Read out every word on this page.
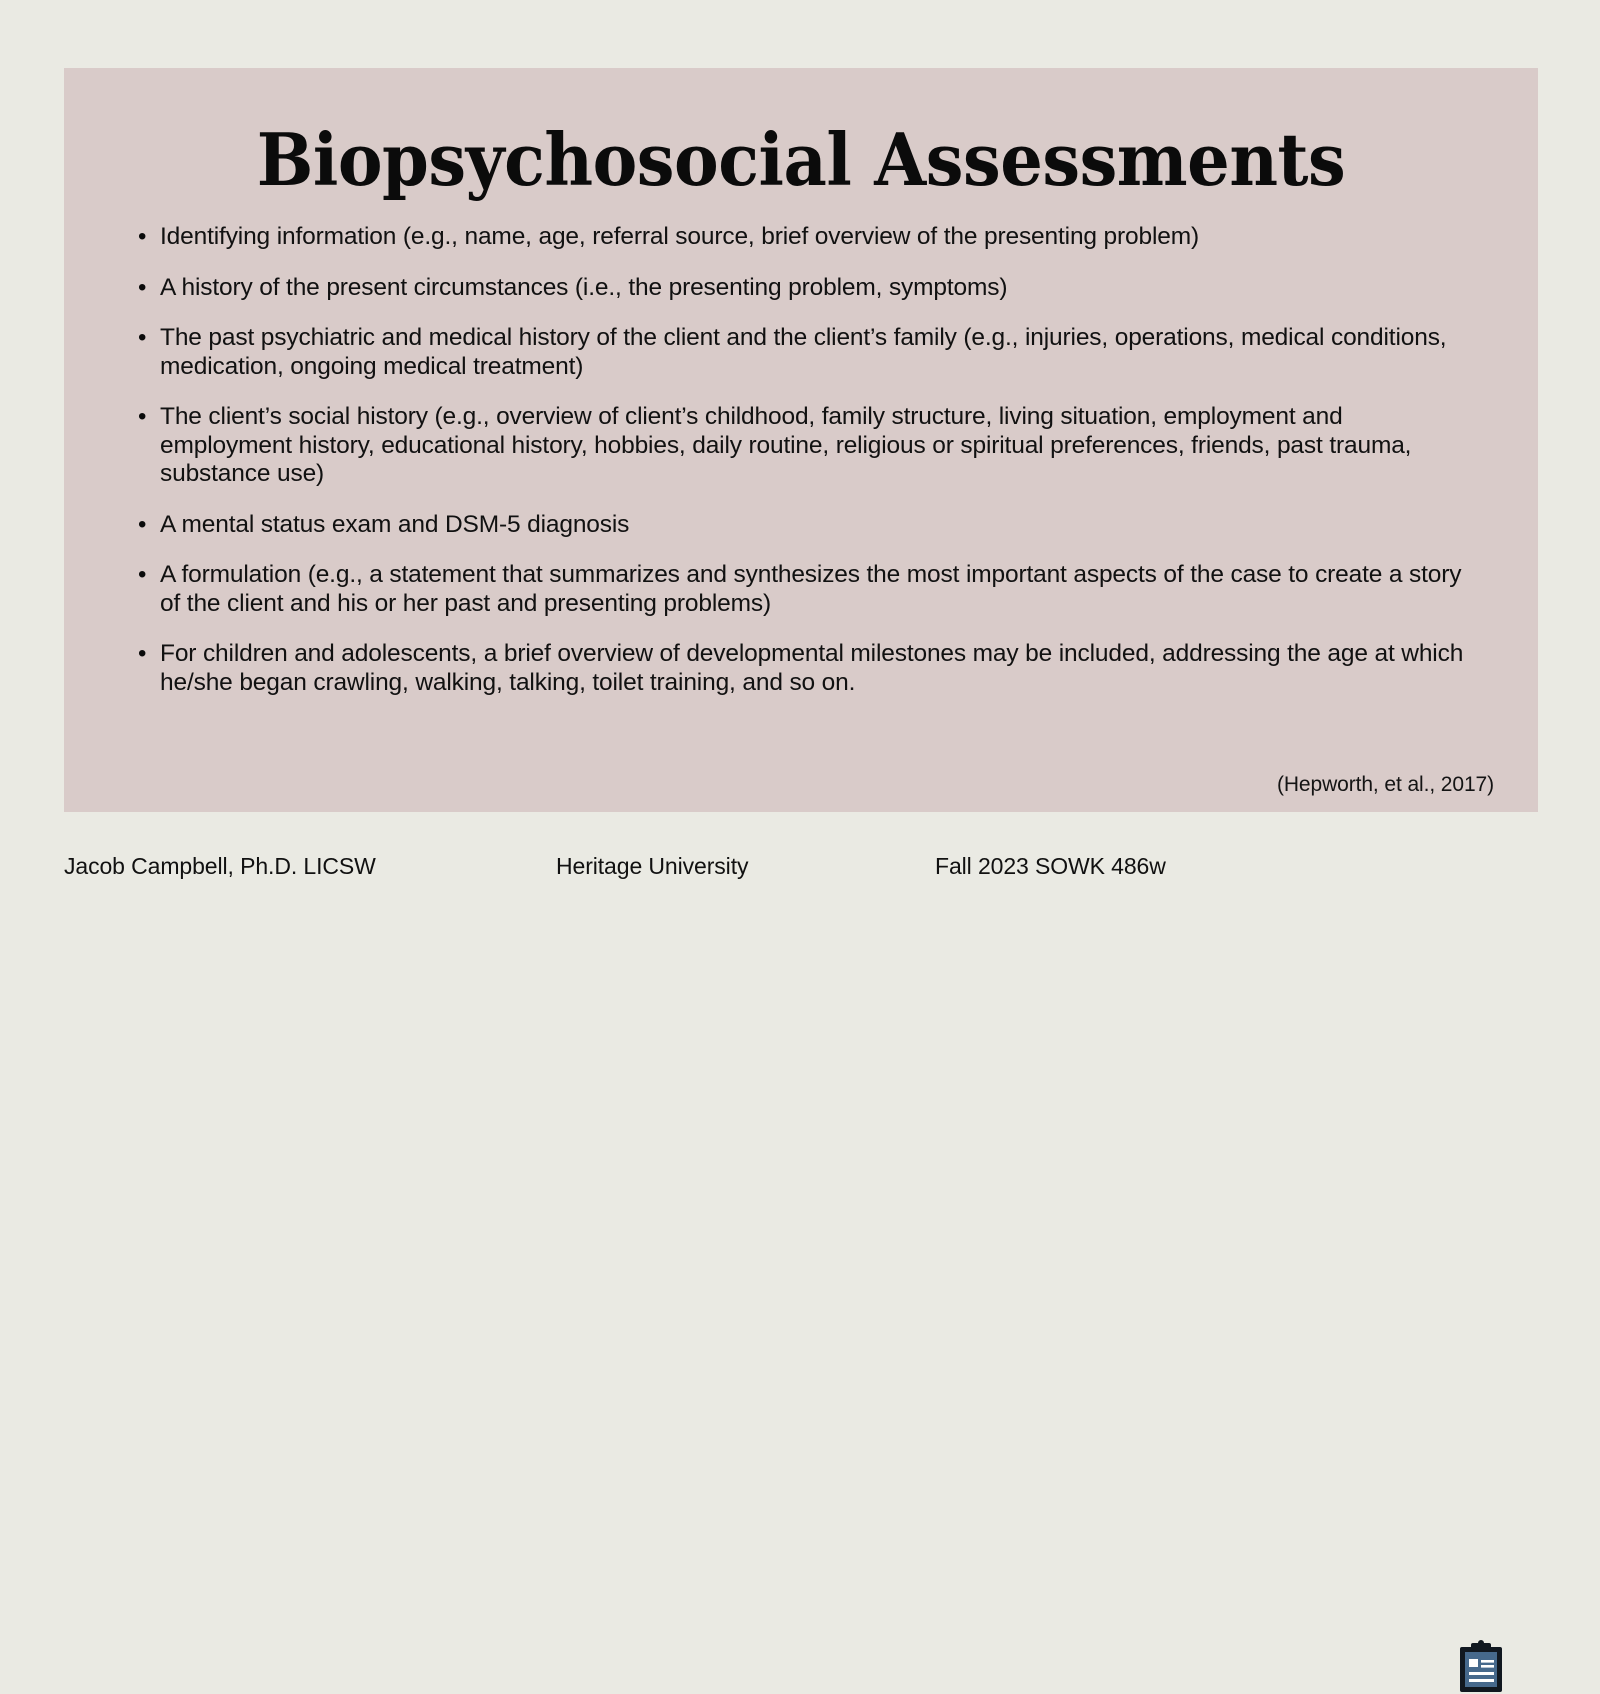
Biopsychosocial Assessments
• Identifying information (e.g., name, age, referral source, brief overview of the presenting problem)
• A history of the present circumstances (i.e., the presenting problem, symptoms)
• The past psychiatric and medical history of the client and the client’s family (e.g., injuries, operations, medical conditions, medication, ongoing medical treatment)
• The client’s social history (e.g., overview of client’s childhood, family structure, living situation, employment and employment history, educational history, hobbies, daily routine, religious or spiritual preferences, friends, past trauma, substance use)
• A mental status exam and DSM-5 diagnosis
• A formulation (e.g., a statement that summarizes and synthesizes the most important aspects of the case to create a story of the client and his or her past and presenting problems)
• For children and adolescents, a brief overview of developmental milestones may be included, addressing the age at which he/she began crawling, walking, talking, toilet training, and so on.
(Hepworth, et al., 2017)
Jacob Campbell, Ph.D. LICSW	Heritage University	Fall 2023 SOWK 486w
